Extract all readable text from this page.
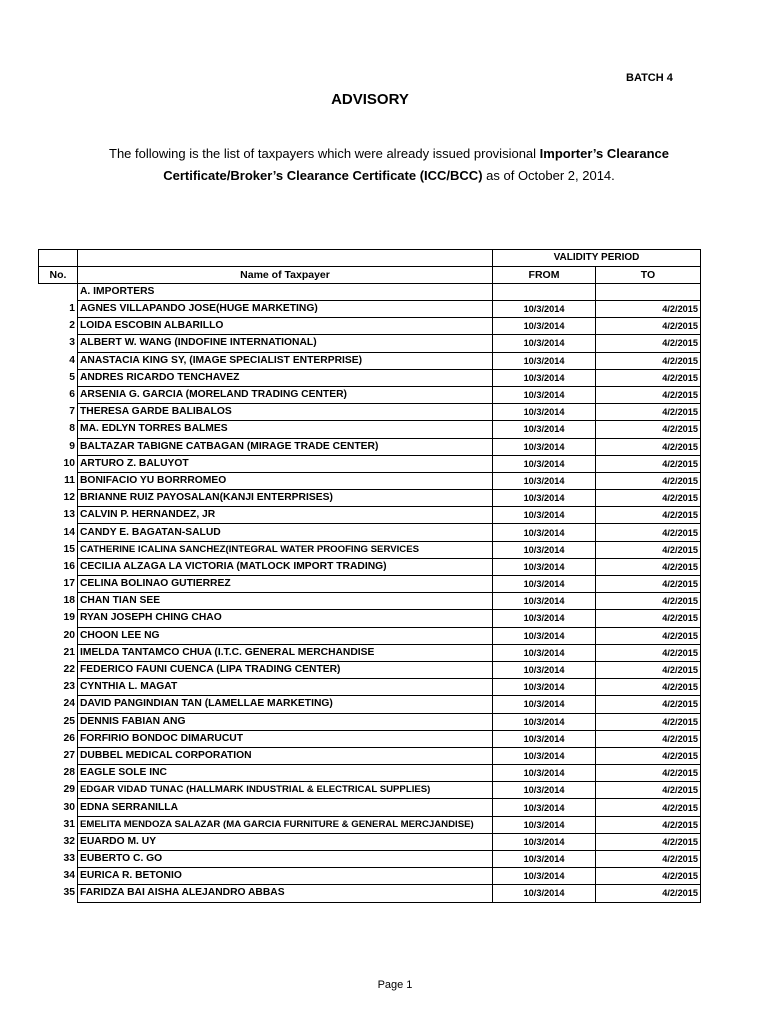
BATCH 4
ADVISORY
The following is the list of taxpayers which were already issued provisional Importer’s Clearance Certificate/Broker’s Clearance Certificate (ICC/BCC) as of October 2, 2014.
		VALIDITY PERIOD	
No.	Name of Taxpayer	FROM	TO
	A. IMPORTERS		
1	AGNES VILLAPANDO JOSE(HUGE MARKETING)	10/3/2014	4/2/2015
2	LOIDA ESCOBIN ALBARILLO	10/3/2014	4/2/2015
3	ALBERT W. WANG (INDOFINE INTERNATIONAL)	10/3/2014	4/2/2015
4	ANASTACIA KING SY, (IMAGE SPECIALIST ENTERPRISE)	10/3/2014	4/2/2015
5	ANDRES RICARDO TENCHAVEZ	10/3/2014	4/2/2015
6	ARSENIA G. GARCIA (MORELAND TRADING CENTER)	10/3/2014	4/2/2015
7	THERESA GARDE BALIBALOS	10/3/2014	4/2/2015
8	MA. EDLYN TORRES BALMES	10/3/2014	4/2/2015
9	BALTAZAR TABIGNE CATBAGAN (MIRAGE TRADE CENTER)	10/3/2014	4/2/2015
10	ARTURO Z. BALUYOT	10/3/2014	4/2/2015
11	BONIFACIO YU BORRROMEO	10/3/2014	4/2/2015
12	BRIANNE RUIZ PAYOSALAN(KANJI ENTERPRISES)	10/3/2014	4/2/2015
13	CALVIN P. HERNANDEZ, JR	10/3/2014	4/2/2015
14	CANDY E. BAGATAN-SALUD	10/3/2014	4/2/2015
15	CATHERINE ICALINA SANCHEZ(INTEGRAL WATER PROOFING SERVICES	10/3/2014	4/2/2015
16	CECILIA ALZAGA LA VICTORIA (MATLOCK IMPORT TRADING)	10/3/2014	4/2/2015
17	CELINA BOLINAO GUTIERREZ	10/3/2014	4/2/2015
18	CHAN TIAN SEE	10/3/2014	4/2/2015
19	RYAN JOSEPH CHING CHAO	10/3/2014	4/2/2015
20	CHOON LEE NG	10/3/2014	4/2/2015
21	IMELDA TANTAMCO CHUA (I.T.C. GENERAL MERCHANDISE	10/3/2014	4/2/2015
22	FEDERICO FAUNI CUENCA (LIPA TRADING CENTER)	10/3/2014	4/2/2015
23	CYNTHIA L. MAGAT	10/3/2014	4/2/2015
24	DAVID PANGINDIAN TAN (LAMELLAE MARKETING)	10/3/2014	4/2/2015
25	DENNIS FABIAN ANG	10/3/2014	4/2/2015
26	FORFIRIO BONDOC DIMARUCUT	10/3/2014	4/2/2015
27	DUBBEL MEDICAL CORPORATION	10/3/2014	4/2/2015
28	EAGLE SOLE INC	10/3/2014	4/2/2015
29	EDGAR VIDAD TUNAC (HALLMARK INDUSTRIAL & ELECTRICAL SUPPLIES)	10/3/2014	4/2/2015
30	EDNA SERRANILLA	10/3/2014	4/2/2015
31	EMELITA MENDOZA SALAZAR (MA GARCIA FURNITURE & GENERAL MERCJANDISE)	10/3/2014	4/2/2015
32	EUARDO M. UY	10/3/2014	4/2/2015
33	EUBERTO C. GO	10/3/2014	4/2/2015
34	EURICA R. BETONIO	10/3/2014	4/2/2015
35	FARIDZA BAI AISHA ALEJANDRO ABBAS	10/3/2014	4/2/2015
Page 1
